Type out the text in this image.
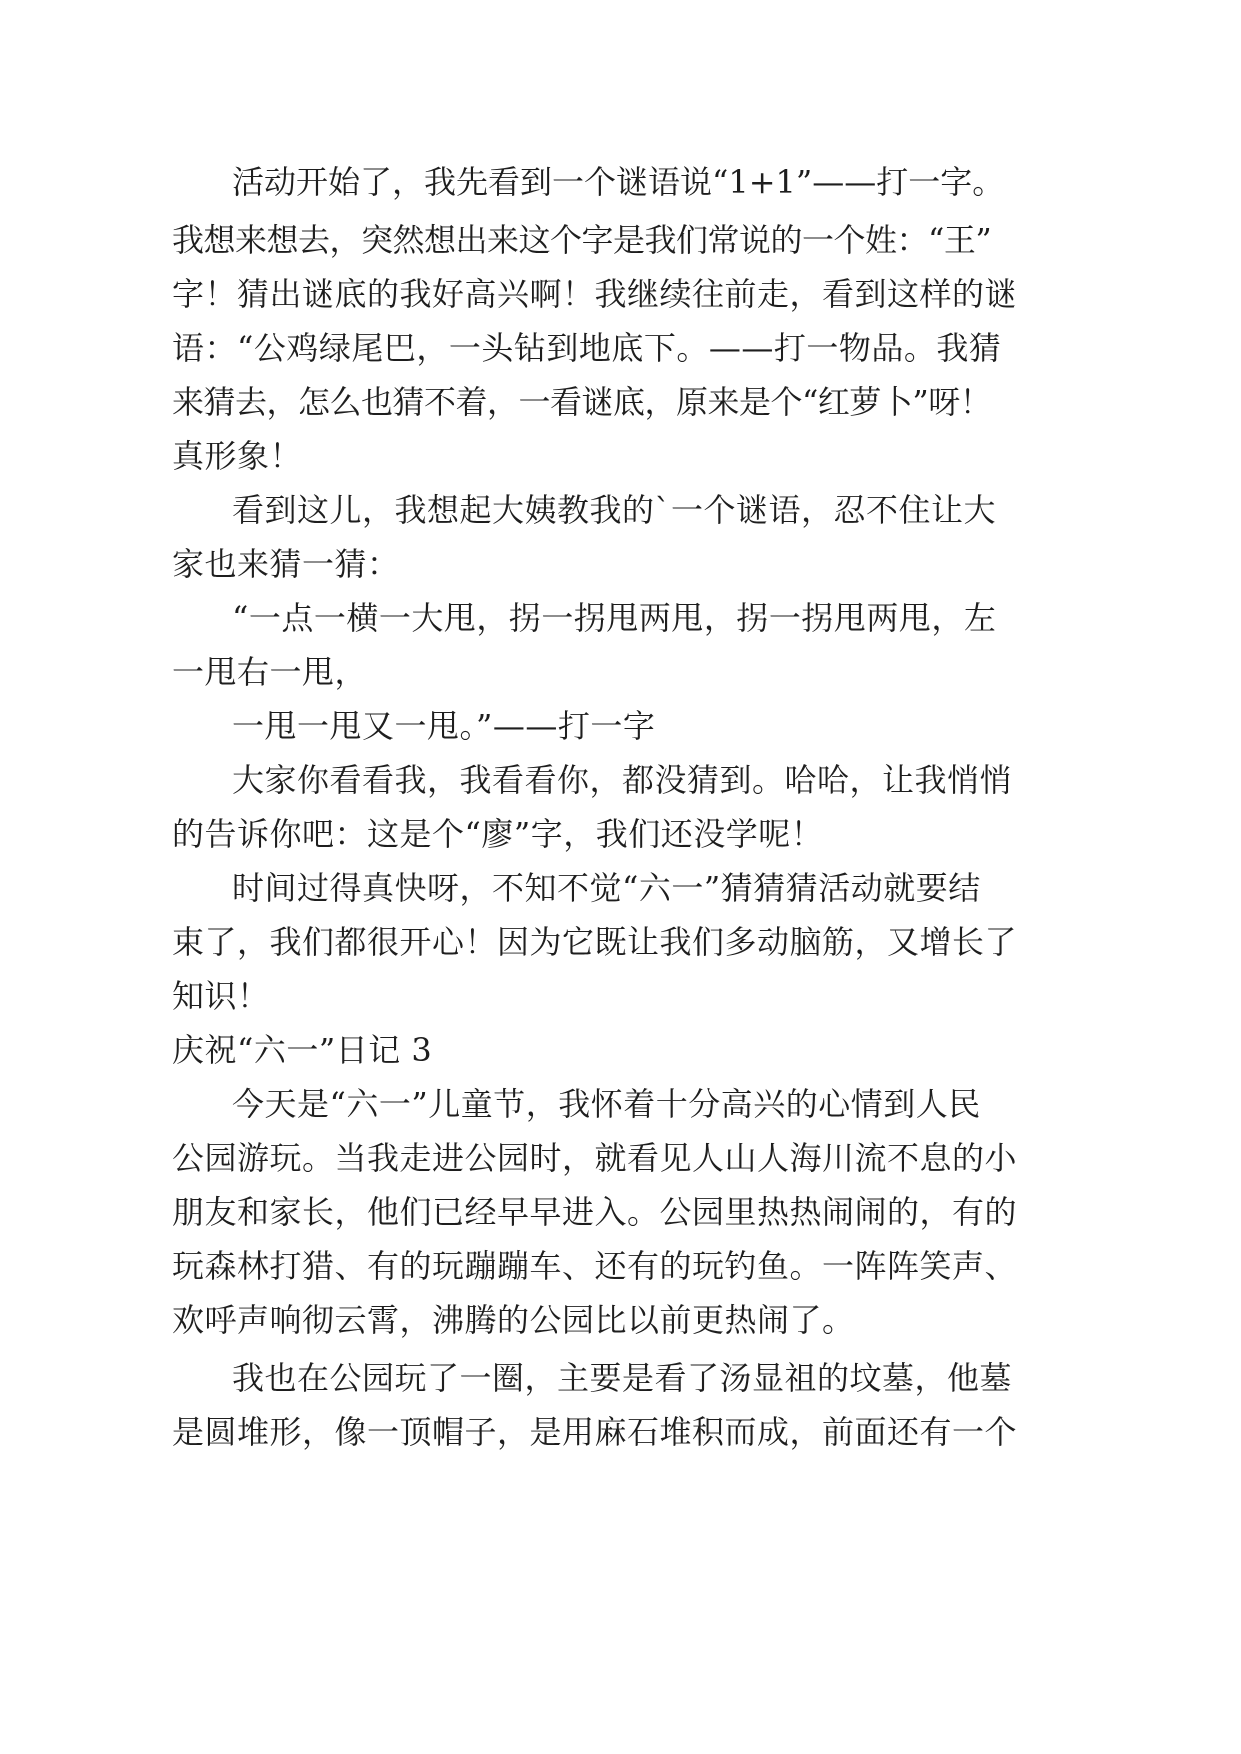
活动开始了，我先看到一个谜语说“1+1”——打一字。
我想来想去，突然想出来这个字是我们常说的一个姓：“王”
字！猜出谜底的我好高兴啊！我继续往前走，看到这样的谜
语：“公鸡绿尾巴，一头钻到地底下。——打一物品。我猜
来猜去，怎么也猜不着，一看谜底，原来是个“红萝卜”呀！
真形象！
看到这儿，我想起大姨教我的`一个谜语，忍不住让大
家也来猜一猜：
“一点一横一大甩，拐一拐甩两甩，拐一拐甩两甩，左
一甩右一甩，
一甩一甩又一甩。”——打一字
大家你看看我，我看看你，都没猜到。哈哈，让我悄悄
的告诉你吧：这是个“廖”字，我们还没学呢！
时间过得真快呀，不知不觉“六一”猜猜猜活动就要结
束了，我们都很开心！因为它既让我们多动脑筋，又增长了
知识！
庆祝“六一”日记 3
今天是“六一”儿童节，我怀着十分高兴的心情到人民
公园游玩。当我走进公园时，就看见人山人海川流不息的小
朋友和家长，他们已经早早进入。公园里热热闹闹的，有的
玩森林打猎、有的玩蹦蹦车、还有的玩钓鱼。一阵阵笑声、
欢呼声响彻云霄，沸腾的公园比以前更热闹了。
我也在公园玩了一圈，主要是看了汤显祖的坟墓，他墓
是圆堆形，像一顶帽子，是用麻石堆积而成，前面还有一个
